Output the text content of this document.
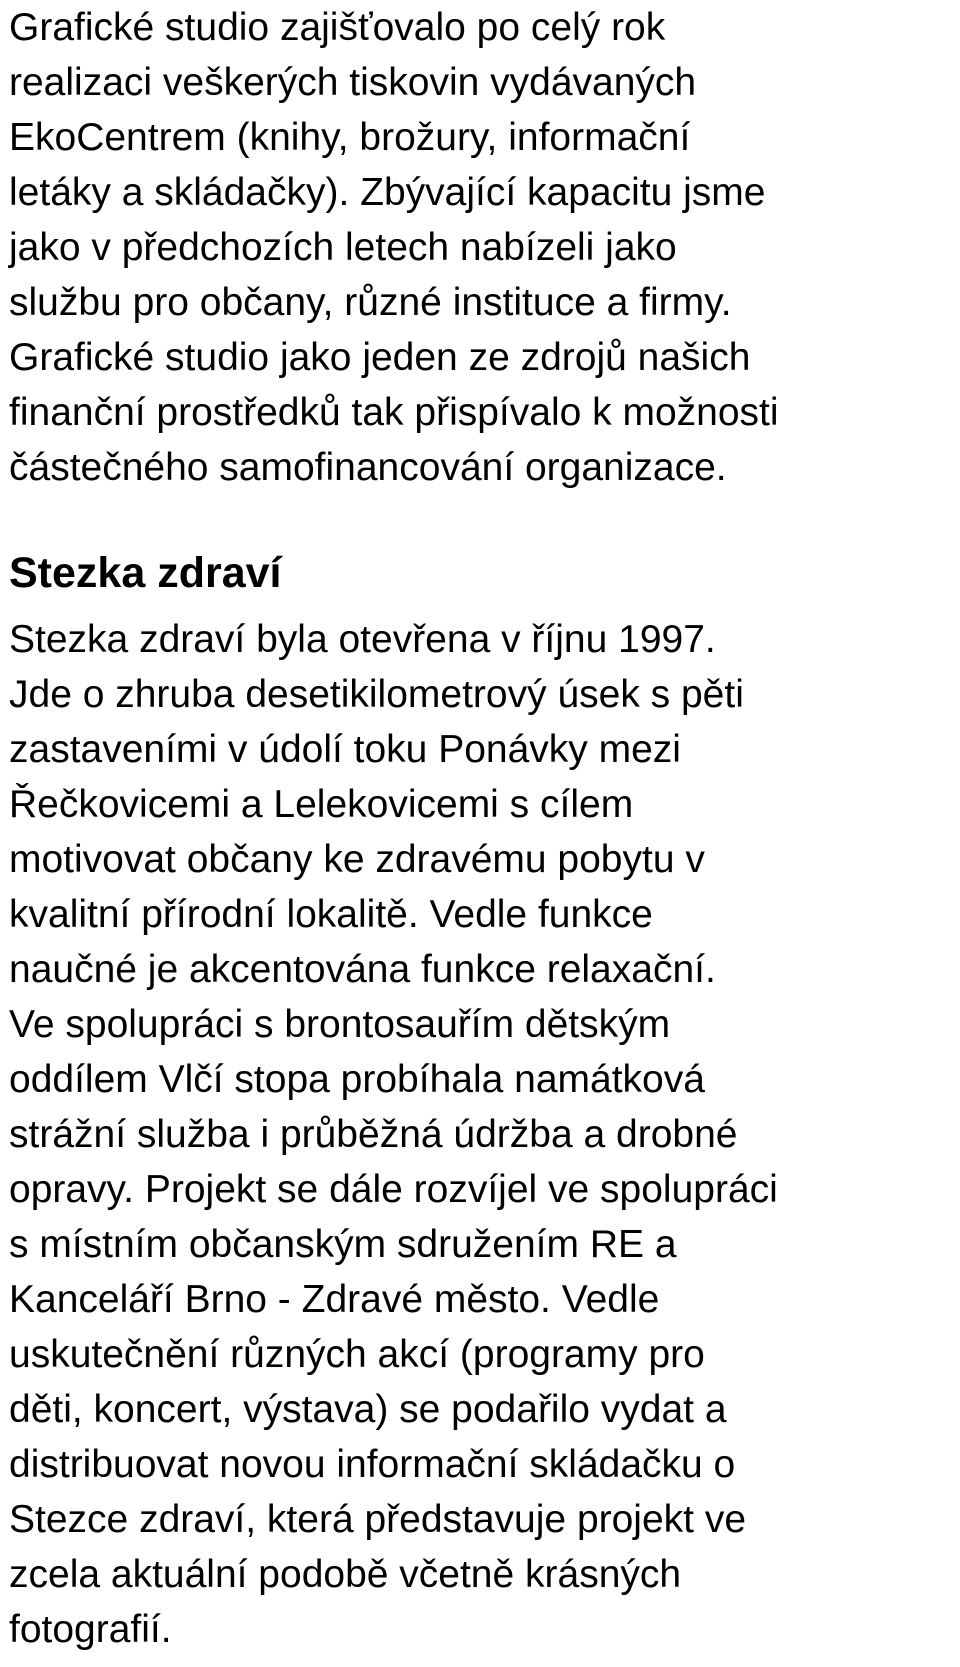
Grafické studio zajišťovalo po celý rok
realizaci veškerých tiskovin vydávaných
EkoCentrem (knihy, brožury, informační
letáky a skládačky). Zbývající kapacitu jsme
jako v předchozích letech nabízeli jako
službu pro občany, různé instituce a firmy.
Grafické studio jako jeden ze zdrojů našich
finanční prostředků tak přispívalo k možnosti
částečného samofinancování organizace.

Stezka zdraví

Stezka zdraví byla otevřena v říjnu 1997.
Jde o zhruba desetikilometrový úsek s pěti
zastaveními v údolí toku Ponávky mezi
Řečkovicemi a Lelekovicemi s cílem
motivovat občany ke zdravému pobytu v
kvalitní přírodní lokalitě. Vedle funkce
naučné je akcentována funkce relaxační.
Ve spolupráci s brontosauřím dětským
oddílem Vlčí stopa probíhala namátková
strážní služba i průběžná údržba a drobné
opravy. Projekt se dále rozvíjel ve spolupráci
s místním občanským sdružením RE a
Kanceláří Brno - Zdravé město. Vedle
uskutečnění různých akcí (programy pro
děti, koncert, výstava) se podařilo vydat a
distribuovat novou informační skládačku o
Stezce zdraví, která představuje projekt ve
zcela aktuální podobě včetně krásných
fotografií.
